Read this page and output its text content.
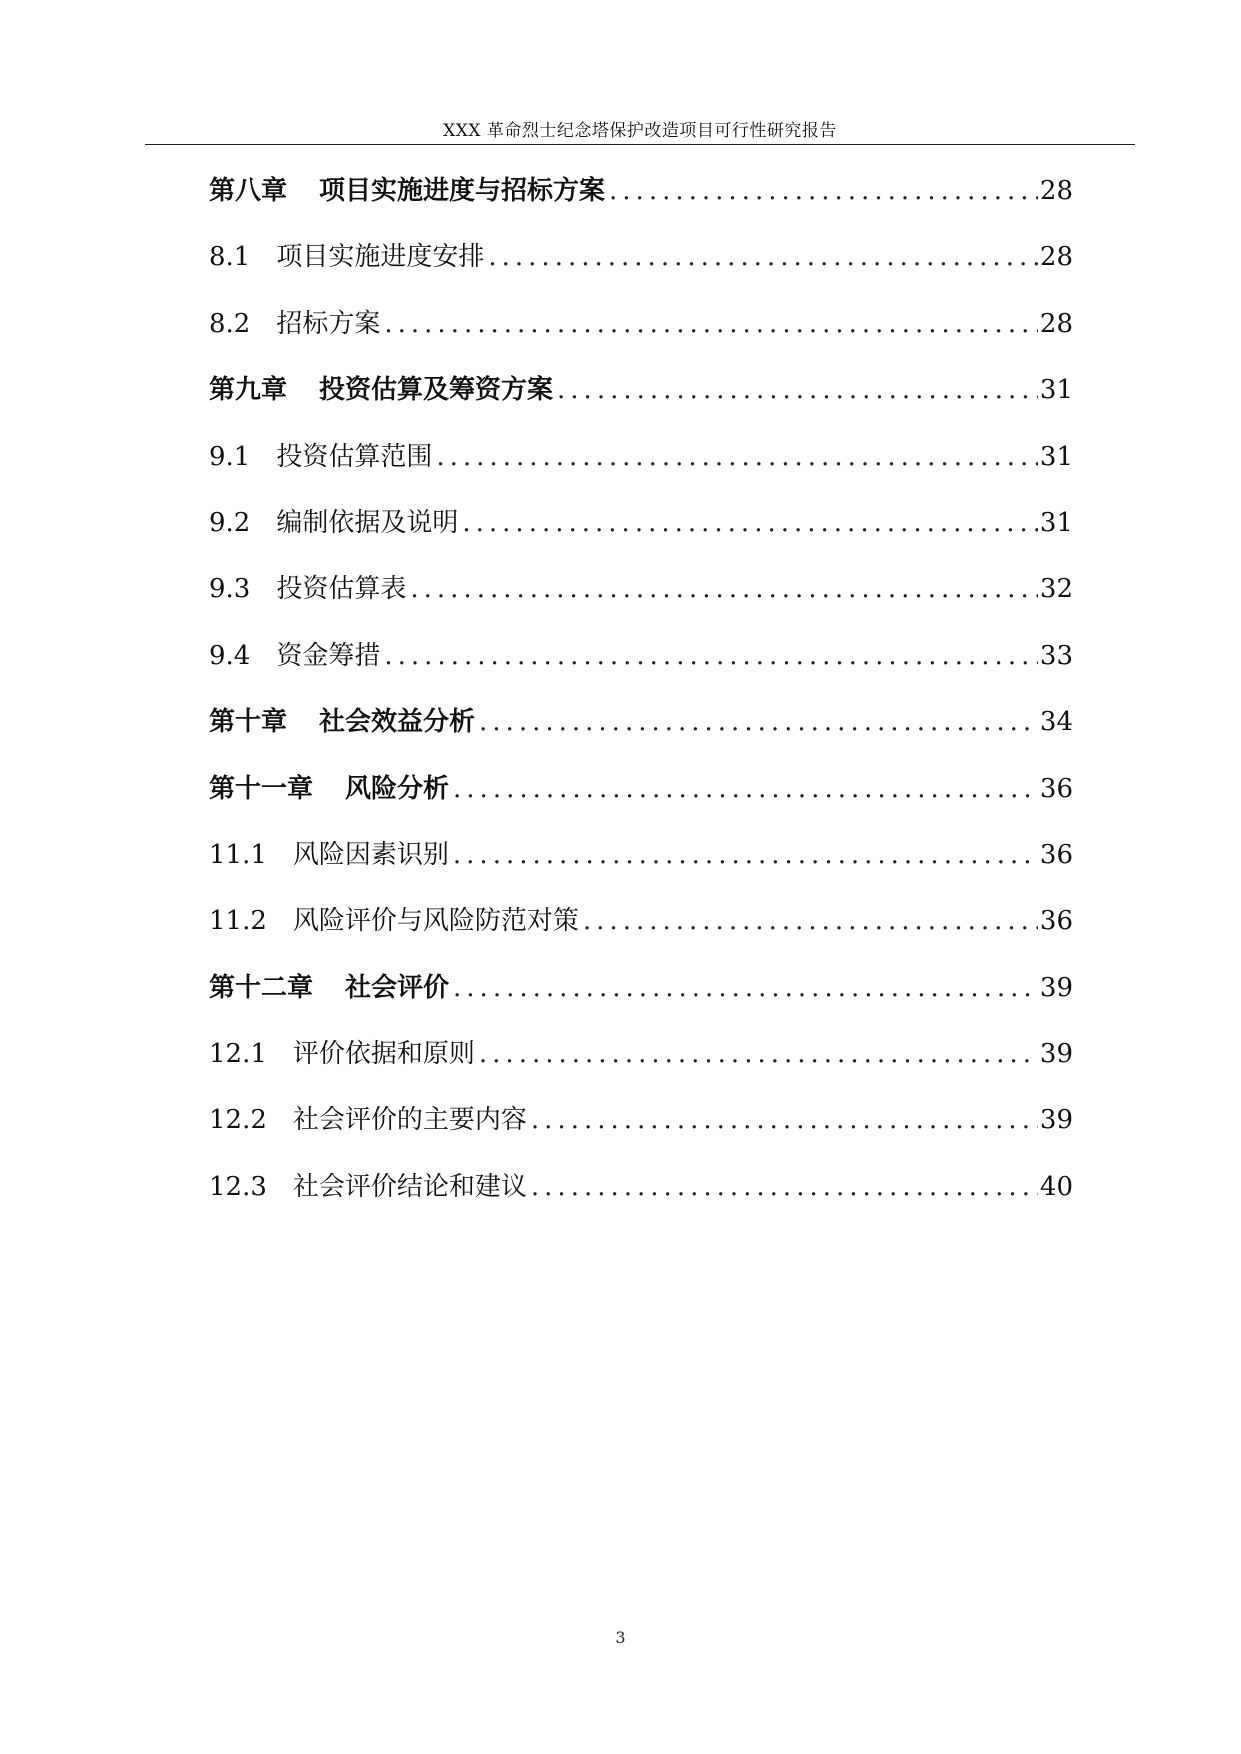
XXX 革命烈士纪念塔保护改造项目可行性研究报告
第八章	项目实施进度与招标方案 .....	28
8.1	项目实施进度安排 .....	28
8.2	招标方案 .....	28
第九章	投资估算及筹资方案 .....	31
9.1	投资估算范围 .....	31
9.2	编制依据及说明 .....	31
9.3	投资估算表 .....	32
9.4	资金筹措 .....	33
第十章	社会效益分析 .....	34
第十一章	风险分析 .....	36
11.1	风险因素识别 .....	36
11.2	风险评价与风险防范对策 .....	36
第十二章	社会评价 .....	39
12.1	评价依据和原则 .....	39
12.2	社会评价的主要内容 .....	39
12.3	社会评价结论和建议 .....	40
3
